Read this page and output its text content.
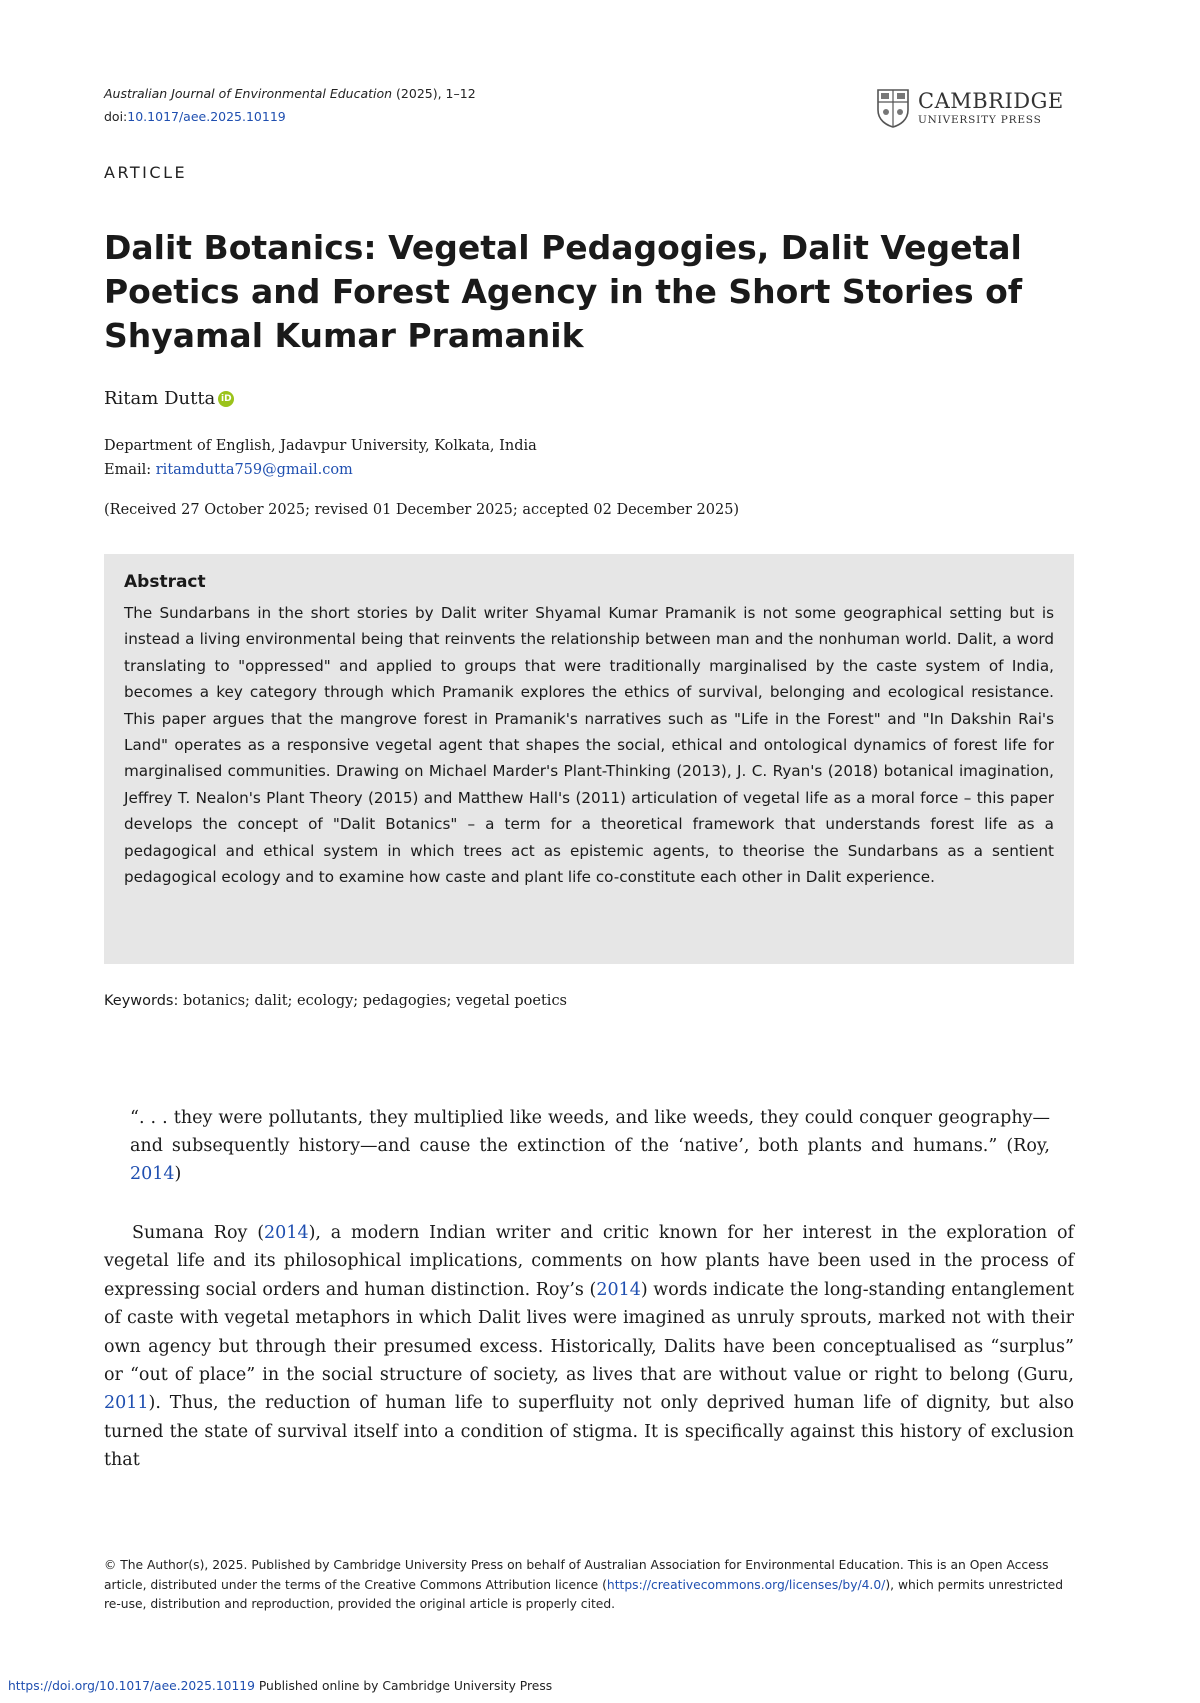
Australian Journal of Environmental Education (2025), 1–12
doi:10.1017/aee.2025.10119
CAMBRIDGE
UNIVERSITY PRESS
ARTICLE
Dalit Botanics: Vegetal Pedagogies, Dalit Vegetal Poetics and Forest Agency in the Short Stories of Shyamal Kumar Pramanik
Ritam Dutta iD
Department of English, Jadavpur University, Kolkata, India
Email: ritamdutta759@gmail.com
(Received 27 October 2025; revised 01 December 2025; accepted 02 December 2025)
Abstract
The Sundarbans in the short stories by Dalit writer Shyamal Kumar Pramanik is not some geographical setting but is instead a living environmental being that reinvents the relationship between man and the nonhuman world. Dalit, a word translating to "oppressed" and applied to groups that were traditionally marginalised by the caste system of India, becomes a key category through which Pramanik explores the ethics of survival, belonging and ecological resistance. This paper argues that the mangrove forest in Pramanik's narratives such as "Life in the Forest" and "In Dakshin Rai's Land" operates as a responsive vegetal agent that shapes the social, ethical and ontological dynamics of forest life for marginalised communities. Drawing on Michael Marder's Plant-Thinking (2013), J. C. Ryan's (2018) botanical imagination, Jeffrey T. Nealon's Plant Theory (2015) and Matthew Hall's (2011) articulation of vegetal life as a moral force – this paper develops the concept of "Dalit Botanics" – a term for a theoretical framework that understands forest life as a pedagogical and ethical system in which trees act as epistemic agents, to theorise the Sundarbans as a sentient pedagogical ecology and to examine how caste and plant life co-constitute each other in Dalit experience.
Keywords: botanics; dalit; ecology; pedagogies; vegetal poetics
“. . . they were pollutants, they multiplied like weeds, and like weeds, they could conquer geography—and subsequently history—and cause the extinction of the ‘native’, both plants and humans.” (Roy, 2014)

Sumana Roy (2014), a modern Indian writer and critic known for her interest in the exploration of vegetal life and its philosophical implications, comments on how plants have been used in the process of expressing social orders and human distinction. Roy’s (2014) words indicate the long-standing entanglement of caste with vegetal metaphors in which Dalit lives were imagined as unruly sprouts, marked not with their own agency but through their presumed excess. Historically, Dalits have been conceptualised as “surplus” or “out of place” in the social structure of society, as lives that are without value or right to belong (Guru, 2011). Thus, the reduction of human life to superfluity not only deprived human life of dignity, but also turned the state of survival itself into a condition of stigma. It is specifically against this history of exclusion that

© The Author(s), 2025. Published by Cambridge University Press on behalf of Australian Association for Environmental Education. This is an Open Access article, distributed under the terms of the Creative Commons Attribution licence (https://creativecommons.org/licenses/by/4.0/), which permits unrestricted re-use, distribution and reproduction, provided the original article is properly cited.
https://doi.org/10.1017/aee.2025.10119 Published online by Cambridge University Press
